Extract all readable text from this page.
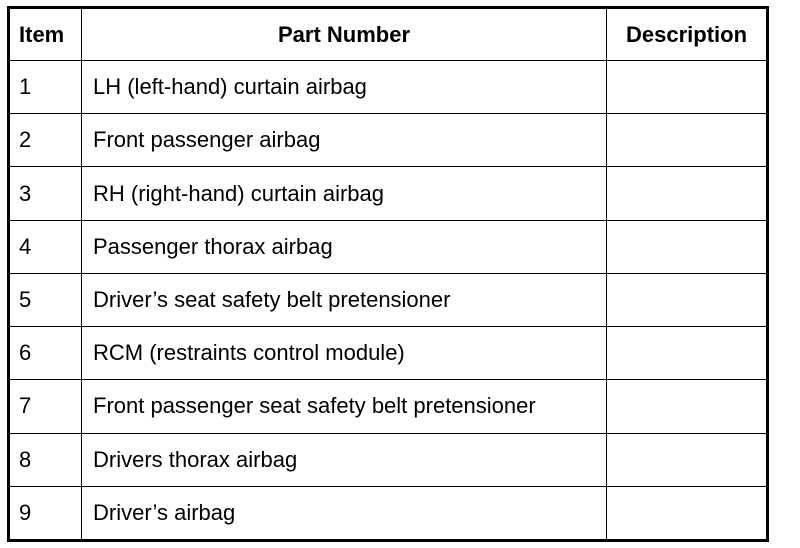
Item	Part Number	Description
1	LH (left-hand) curtain airbag	
2	Front passenger airbag	
3	RH (right-hand) curtain airbag	
4	Passenger thorax airbag	
5	Driver’s seat safety belt pretensioner	
6	RCM (restraints control module)	
7	Front passenger seat safety belt pretensioner	
8	Drivers thorax airbag	
9	Driver’s airbag	
